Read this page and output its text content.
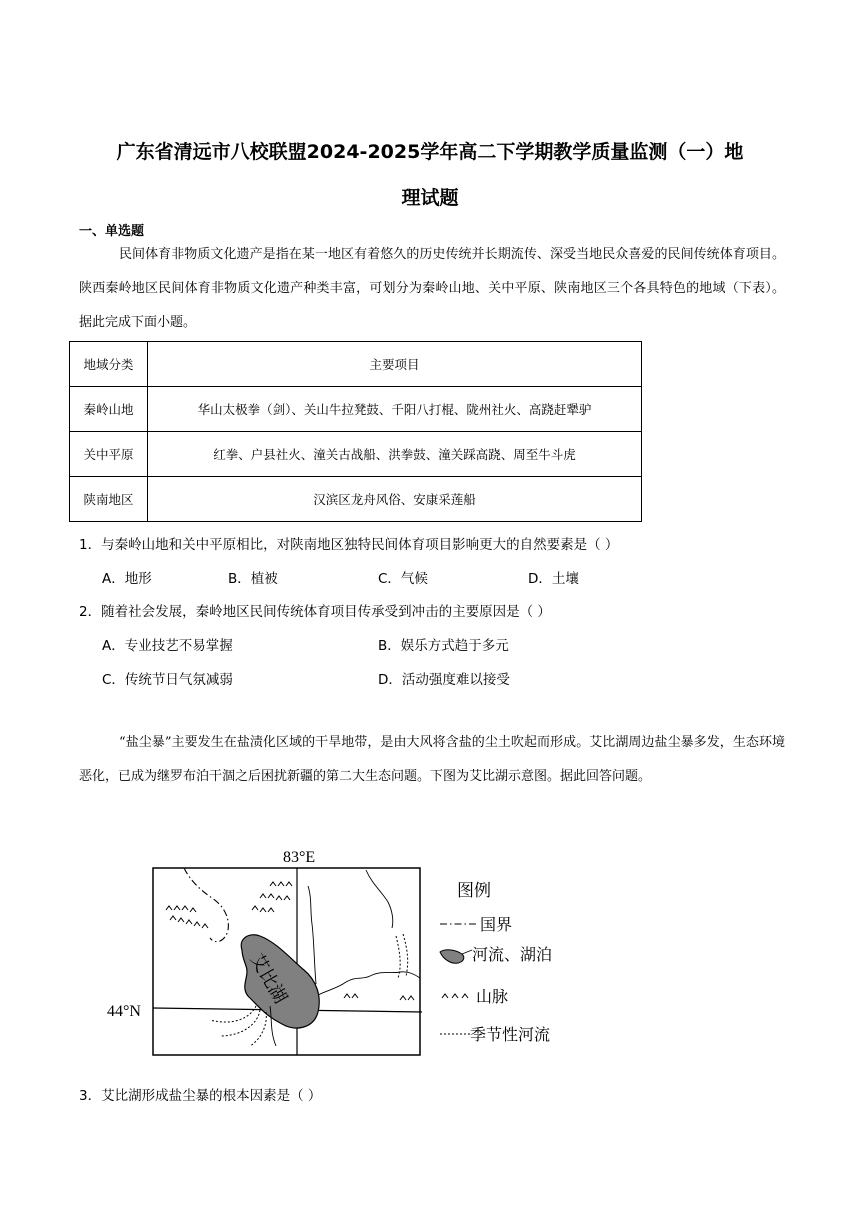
广东省清远市八校联盟2024-2025学年高二下学期教学质量监测（一）地
理试题
一、单选题
民间体育非物质文化遗产是指在某一地区有着悠久的历史传统并长期流传、深受当地民众喜爱的民间传统体育项目。陕西秦岭地区民间体育非物质文化遗产种类丰富，可划分为秦岭山地、关中平原、陕南地区三个各具特色的地域（下表）。据此完成下面小题。
地域分类	主要项目
秦岭山地	华山太极拳（剑）、关山牛拉凳鼓、千阳八打棍、陇州社火、高跷赶犟驴
关中平原	红拳、户县社火、潼关古战船、洪拳鼓、潼关踩高跷、周至牛斗虎
陕南地区	汉滨区龙舟风俗、安康采莲船
1．与秦岭山地和关中平原相比，对陕南地区独特民间体育项目影响更大的自然要素是（ ）
A．地形	B．植被	C．气候	D．土壤
2．随着社会发展，秦岭地区民间传统体育项目传承受到冲击的主要原因是（ ）
A．专业技艺不易掌握	B．娱乐方式趋于多元
C．传统节日气氛减弱	D．活动强度难以接受
“盐尘暴”主要发生在盐渍化区域的干旱地带，是由大风将含盐的尘土吹起而形成。艾比湖周边盐尘暴多发，生态环境恶化，已成为继罗布泊干涸之后困扰新疆的第二大生态问题。下图为艾比湖示意图。据此回答问题。
83°E
44°N
艾比湖
图例
国界
河流、湖泊
山脉
季节性河流
3．艾比湖形成盐尘暴的根本因素是（ ）
